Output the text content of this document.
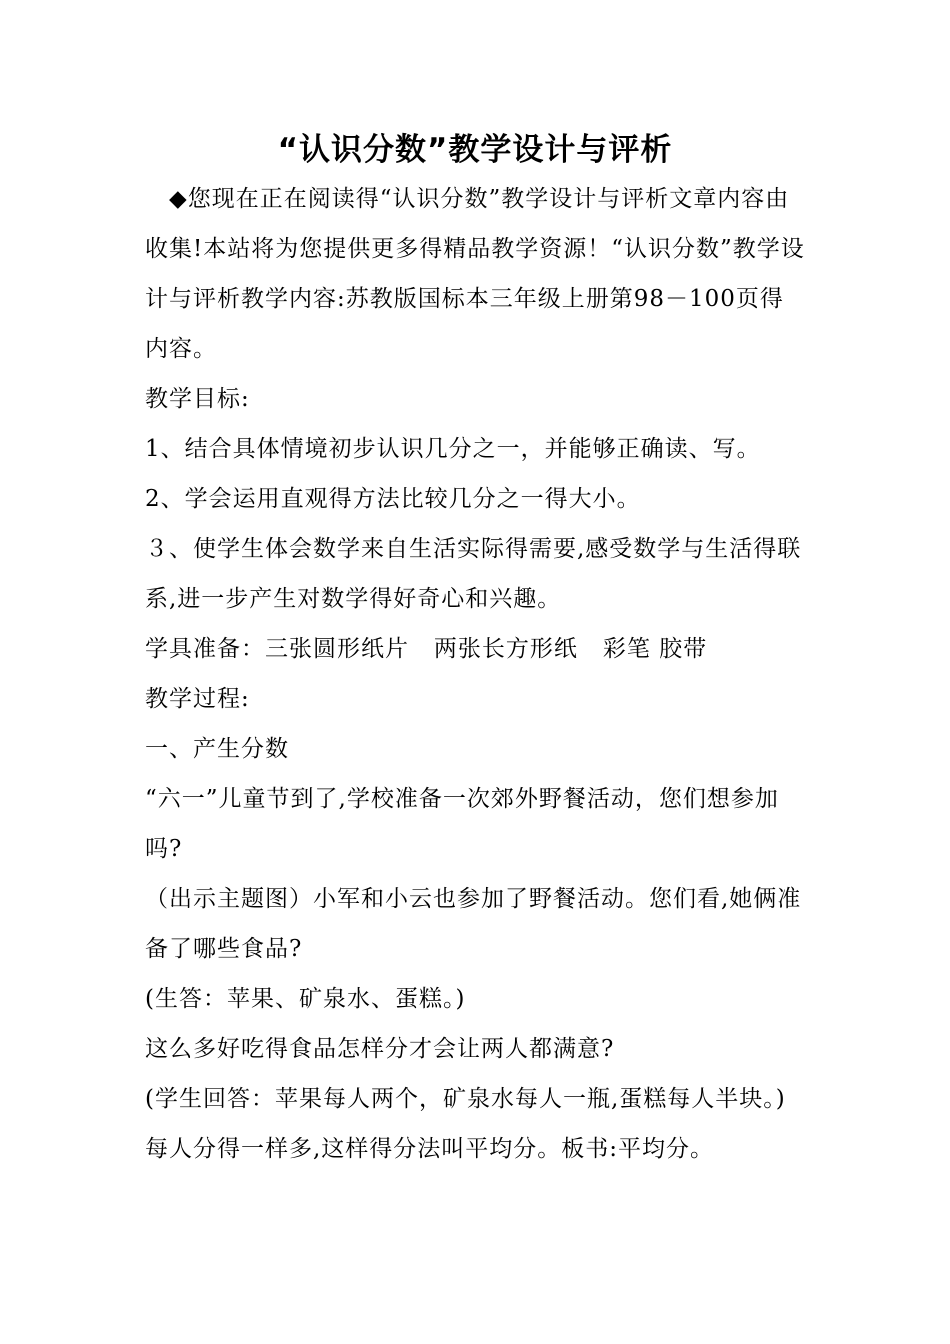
“认识分数”教学设计与评析

◆您现在正在阅读得“认识分数”教学设计与评析文章内容由收集!本站将为您提供更多得精品教学资源！“认识分数”教学设计与评析教学内容:苏教版国标本三年级上册第98－100页得内容。

教学目标:

1、结合具体情境初步认识几分之一，并能够正确读、写。

2、学会运用直观得方法比较几分之一得大小。

３、使学生体会数学来自生活实际得需要,感受数学与生活得联系,进一步产生对数学得好奇心和兴趣。

学具准备：三张圆形纸片   两张长方形纸   彩笔 胶带

教学过程:

一、产生分数

“六一”儿童节到了,学校准备一次郊外野餐活动，您们想参加吗?

（出示主题图）小军和小云也参加了野餐活动。您们看,她俩准备了哪些食品?

(生答：苹果、矿泉水、蛋糕。)

这么多好吃得食品怎样分才会让两人都满意?

(学生回答：苹果每人两个，矿泉水每人一瓶,蛋糕每人半块。)

每人分得一样多,这样得分法叫平均分。板书:平均分。
